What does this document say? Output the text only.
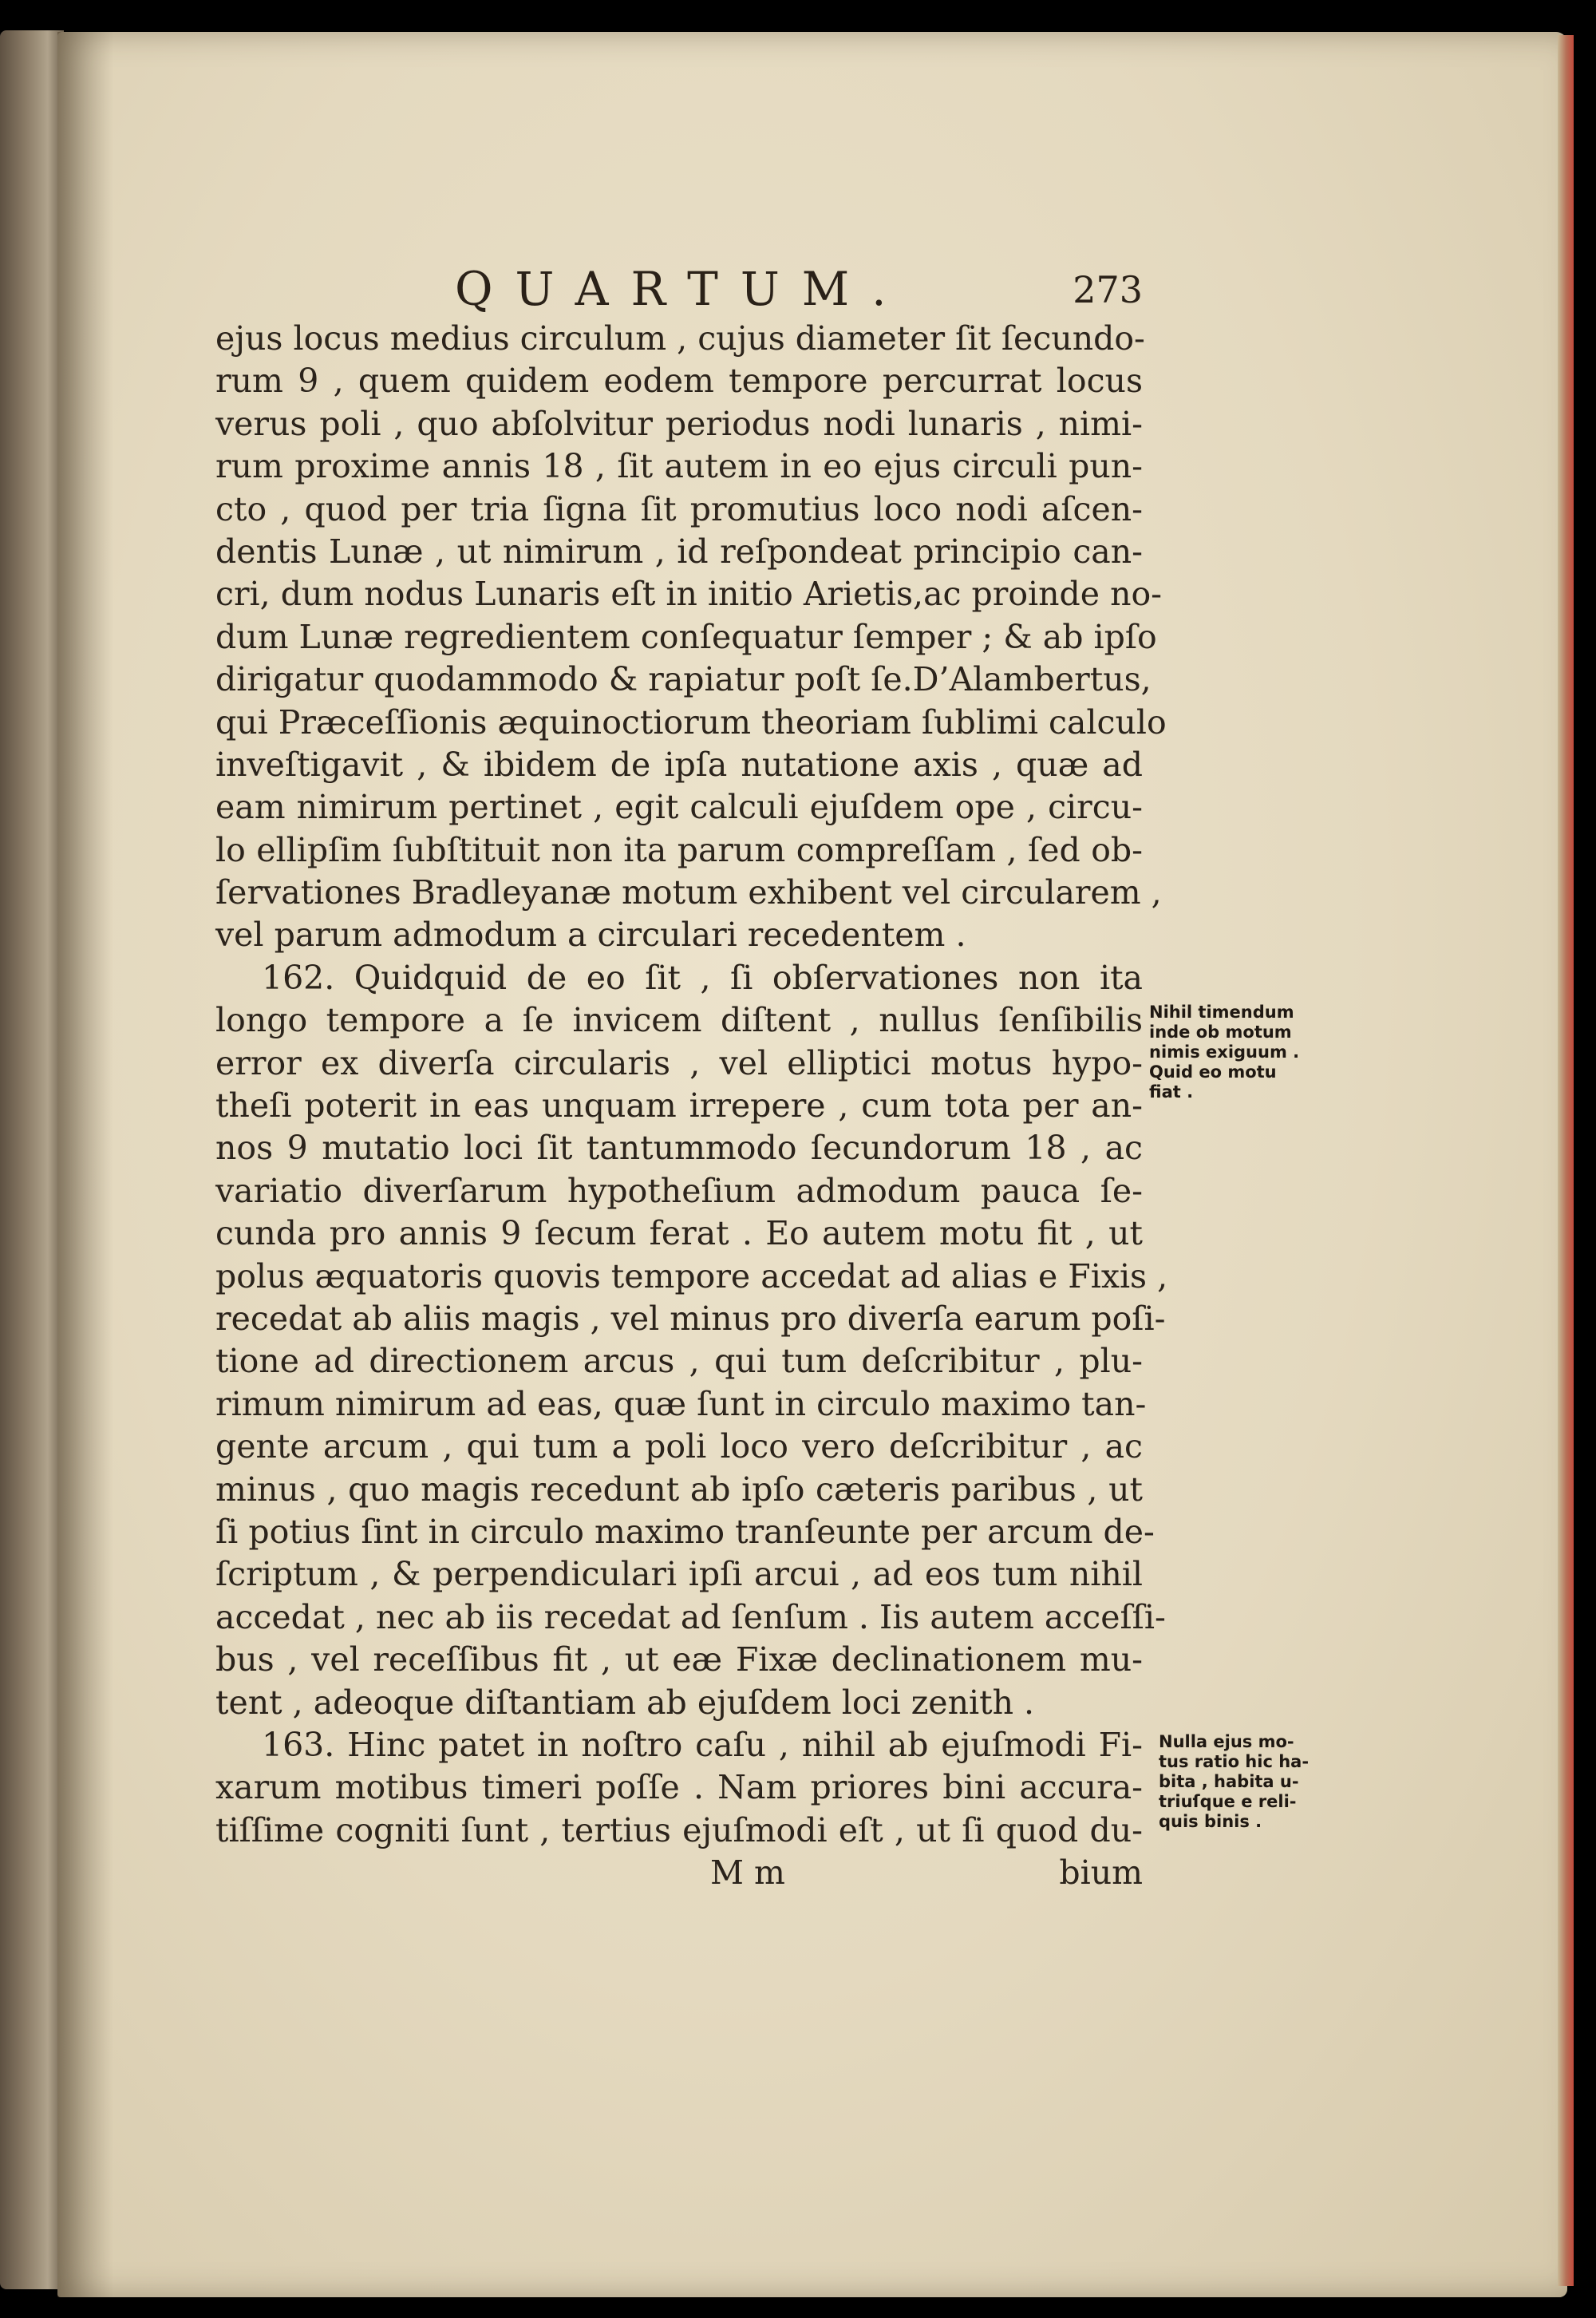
QUARTUM.	273
ejus locus medius circulum , cujus diameter ſit ſecundo-
rum 9 , quem quidem eodem tempore percurrat locus
verus poli , quo abſolvitur periodus nodi lunaris , nimi-
rum proxime annis 18 , ſit autem in eo ejus circuli pun-
cto , quod per tria ſigna ſit promutius loco nodi aſcen-
dentis Lunæ , ut nimirum , id reſpondeat principio can-
cri, dum nodus Lunaris eſt in initio Arietis,ac proinde no-
dum Lunæ regredientem conſequatur ſemper ; & ab ipſo
dirigatur quodammodo & rapiatur poſt ſe.D’Alambertus,
qui Præceſſionis æquinoctiorum theoriam ſublimi calculo
inveſtigavit , & ibidem de ipſa nutatione axis , quæ ad
eam nimirum pertinet , egit calculi ejuſdem ope , circu-
lo ellipſim ſubſtituit non ita parum compreſſam , ſed ob-
ſervationes Bradleyanæ motum exhibent vel circularem ,
vel parum admodum a circulari recedentem .
162. Quidquid de eo ſit , ſi obſervationes non ita
longo tempore a ſe invicem diſtent , nullus ſenſibilis
error ex diverſa circularis , vel elliptici motus hypo-
theſi poterit in eas unquam irrepere , cum tota per an-
nos 9 mutatio loci ſit tantummodo ſecundorum 18 , ac
variatio diverſarum hypotheſium admodum pauca ſe-
cunda pro annis 9 ſecum ferat . Eo autem motu fit , ut
polus æquatoris quovis tempore accedat ad alias e Fixis ,
recedat ab aliis magis , vel minus pro diverſa earum poſi-
tione ad directionem arcus , qui tum deſcribitur , plu-
rimum nimirum ad eas, quæ ſunt in circulo maximo tan-
gente arcum , qui tum a poli loco vero deſcribitur , ac
minus , quo magis recedunt ab ipſo cæteris paribus , ut
ſi potius ſint in circulo maximo tranſeunte per arcum de-
ſcriptum , & perpendiculari ipſi arcui , ad eos tum nihil
accedat , nec ab iis recedat ad ſenſum . Iis autem acceſſi-
bus , vel receſſibus fit , ut eæ Fixæ declinationem mu-
tent , adeoque diſtantiam ab ejuſdem loci zenith .
163. Hinc patet in noſtro caſu , nihil ab ejuſmodi Fi-
xarum motibus timeri poſſe . Nam priores bini accura-
tiſſime cogniti ſunt , tertius ejuſmodi eſt , ut ſi quod du-
M m	bium
Nihil timendum
inde ob motum
nimis exiguum .
Quid eo motu
fiat .
Nulla ejus mo-
tus ratio hic ha-
bita , habita u-
triuſque e reli-
quis binis .
